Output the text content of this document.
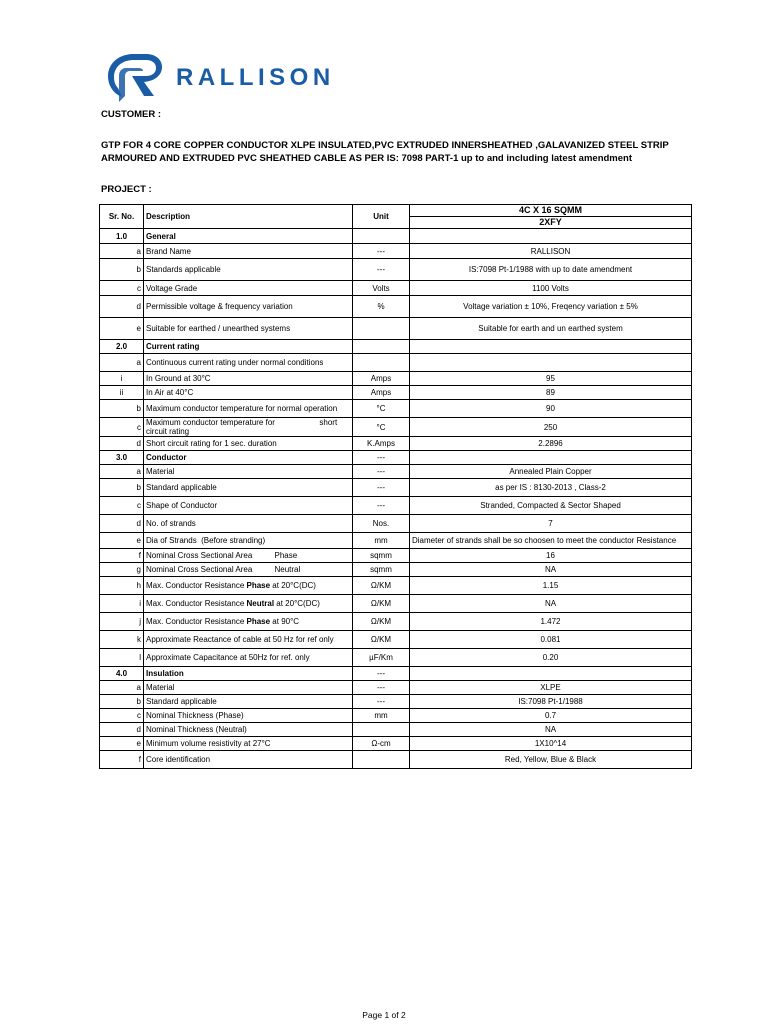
RALLISON
CUSTOMER :
GTP FOR 4 CORE COPPER CONDUCTOR XLPE INSULATED,PVC EXTRUDED INNERSHEATHED ,GALAVANIZED STEEL STRIP
ARMOURED AND EXTRUDED PVC SHEATHED CABLE AS PER IS: 7098 PART-1 up to and including latest amendment
PROJECT :
Sr. No.	Description	Unit	4C X 16 SQMM
2XFY

1.0	General		
a	Brand Name	---	RALLISON
b	Standards applicable	---	IS:7098 Pt-1/1988 with up to date amendment
c	Voltage Grade	Volts	1100 Volts
d	Permissible voltage & frequency variation	%	Voltage variation ± 10%, Freqency variation ± 5%
e	Suitable for earthed / unearthed systems		Suitable for earth and un earthed system
2.0	Current rating		
a	Continuous current rating under normal conditions		
i	In Ground at 30°C	Amps	95
ii	In Air at 40°C	Amps	89
b	Maximum conductor temperature for normal operation	°C	90
c	Maximum conductor temperature for                    short circuit rating	°C	250
d	Short circuit rating for 1 sec. duration	K.Amps	2.2896
3.0	Conductor	---	
a	Material	---	Annealed Plain Copper
b	Standard applicable	---	as per IS : 8130-2013 , Class-2
c	Shape of Conductor	---	Stranded, Compacted & Sector Shaped
d	No. of strands	Nos.	7
e	Dia of Strands  (Before stranding)	mm	Diameter of strands shall be so choosen to meet the conductor Resistance
f	Nominal Cross Sectional Area          Phase	sqmm	16
g	Nominal Cross Sectional Area          Neutral	sqmm	NA
h	Max. Conductor Resistance Phase at 20°C(DC)	Ω/KM	1.15
i	Max. Conductor Resistance Neutral at 20°C(DC)	Ω/KM	NA
j	Max. Conductor Resistance Phase at 90°C	Ω/KM	1.472
k	Approximate Reactance of cable at 50 Hz for ref only	Ω/KM	0.081
l	Approximate Capacitance at 50Hz for ref. only	µF/Km	0.20
4.0	Insulation	---	
a	Material	---	XLPE
b	Standard applicable	---	IS:7098 Pt-1/1988
c	Nominal Thickness (Phase)	mm	0.7
d	Nominal Thickness (Neutral)		NA
e	Minimum volume resistivity at 27°C	Ω-cm	1X10^14
f	Core identification		Red, Yellow, Blue & Black
Page 1 of 2
